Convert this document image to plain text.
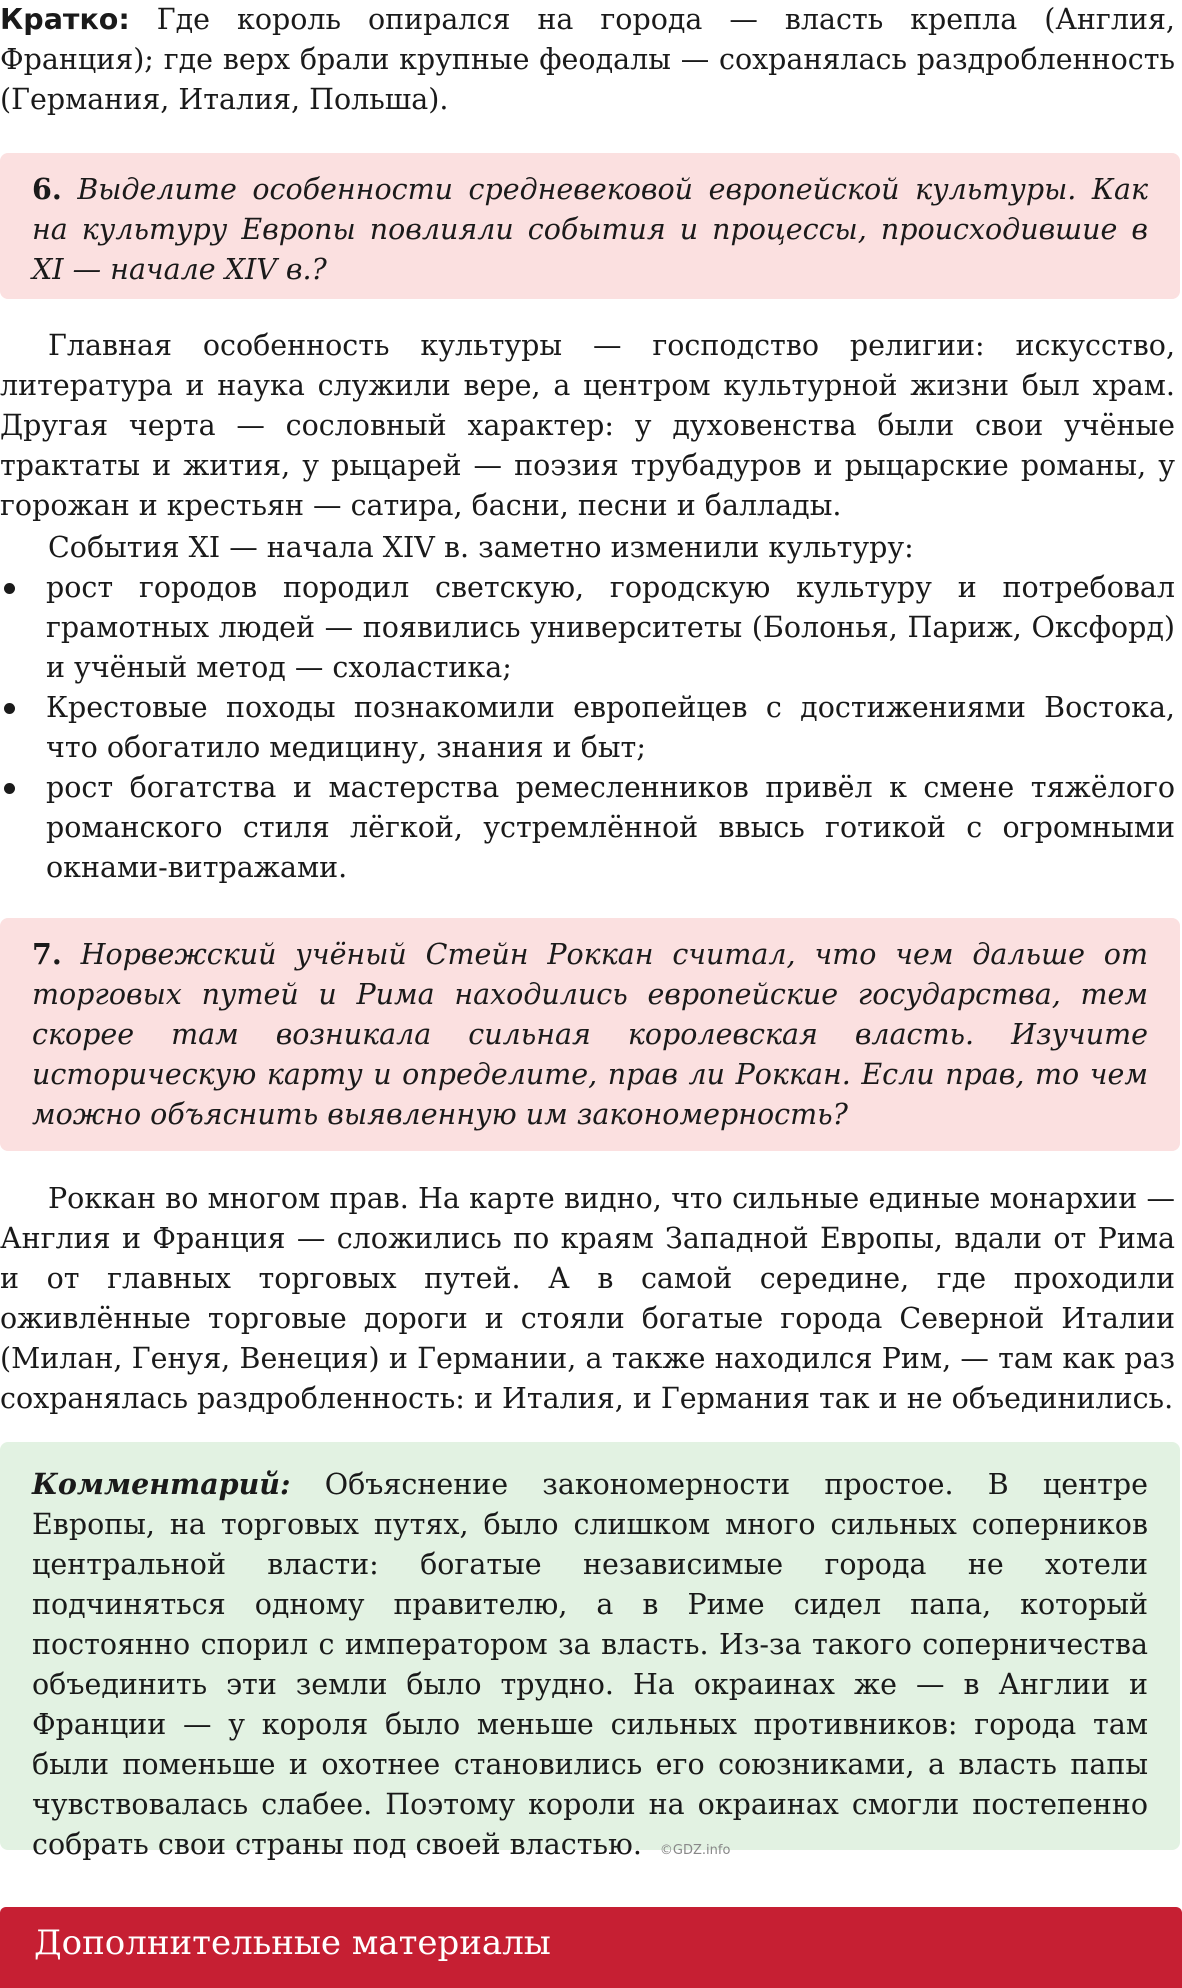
Кратко: Где король опирался на города — власть крепла (Англия, Франция); где верх брали крупные феодалы — сохранялась раздробленность (Германия, Италия, Польша).

6. Выделите особенности средневековой европейской культуры. Как на культуру Европы повлияли события и процессы, происходившие в XI — начале XIV в.?

Главная особенность культуры — господство религии: искусство, литература и наука служили вере, а центром культурной жизни был храм. Другая черта — сословный характер: у духовенства были свои учёные трактаты и жития, у рыцарей — поэзия трубадуров и рыцарские романы, у горожан и крестьян — сатира, басни, песни и баллады.

События XI — начала XIV в. заметно изменили культуру:

рост городов породил светскую, городскую культуру и потребовал грамотных людей — появились университеты (Болонья, Париж, Оксфорд) и учёный метод — схоластика;
Крестовые походы познакомили европейцев с достижениями Востока, что обогатило медицину, знания и быт;
рост богатства и мастерства ремесленников привёл к смене тяжёлого романского стиля лёгкой, устремлённой ввысь готикой с огромными окнами-витражами.

7. Норвежский учёный Стейн Роккан считал, что чем дальше от торговых путей и Рима находились европейские государства, тем скорее там возникала сильная королевская власть. Изучите историческую карту и определите, прав ли Роккан. Если прав, то чем можно объяснить выявленную им закономерность?

Роккан во многом прав. На карте видно, что сильные единые монархии — Англия и Франция — сложились по краям Западной Европы, вдали от Рима и от главных торговых путей. А в самой середине, где проходили оживлённые торговые дороги и стояли богатые города Северной Италии (Милан, Генуя, Венеция) и Германии, а также находился Рим, — там как раз сохранялась раздробленность: и Италия, и Германия так и не объединились.

Комментарий: Объяснение закономерности простое. В центре Европы, на торговых путях, было слишком много сильных соперников центральной власти: богатые независимые города не хотели подчиняться одному правителю, а в Риме сидел папа, который постоянно спорил с императором за власть. Из-за такого соперничества объединить эти земли было трудно. На окраинах же — в Англии и Франции — у короля было меньше сильных противников: города там были поменьше и охотнее становились его союзниками, а власть папы чувствовалась слабее. Поэтому короли на окраинах смогли постепенно собрать свои страны под своей властью. ©GDZ.info

Дополнительные материалы
